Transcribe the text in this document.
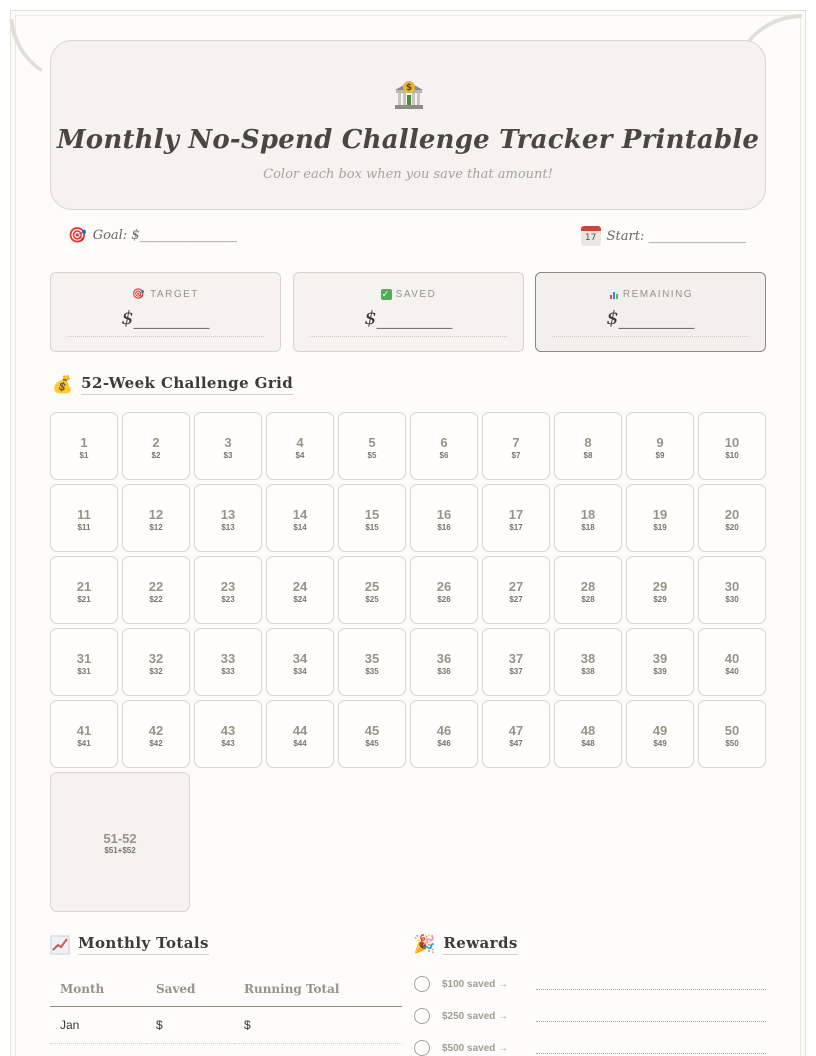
$
Monthly No-Spend Challenge Tracker Printable
Color each box when you save that amount!
🎯 Goal: $_______________	17 Start: _______________
🎯 TARGET
$________
✓ SAVED
$________
REMAINING
$________
💰 52-Week Challenge Grid
1
$1
2
$2
3
$3
4
$4
5
$5
6
$6
7
$7
8
$8
9
$9
10
$10
11
$11
12
$12
13
$13
14
$14
15
$15
16
$16
17
$17
18
$18
19
$19
20
$20
21
$21
22
$22
23
$23
24
$24
25
$25
26
$26
27
$27
28
$28
29
$29
30
$30
31
$31
32
$32
33
$33
34
$34
35
$35
36
$36
37
$37
38
$38
39
$39
40
$40
41
$41
42
$42
43
$43
44
$44
45
$45
46
$46
47
$47
48
$48
49
$49
50
$50
51-52
$51+$52
Monthly Totals
Month	Saved	Running Total
Jan	$	$

🎉 Rewards
$100 saved →
$250 saved →
$500 saved →
